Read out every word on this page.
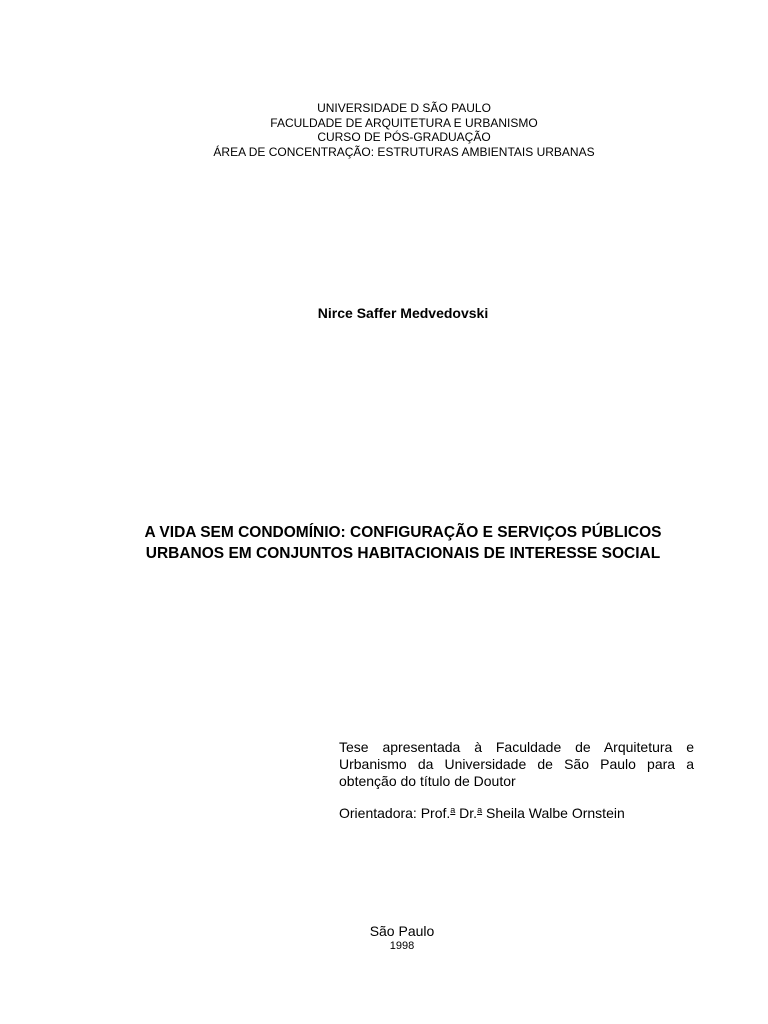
UNIVERSIDADE D SÃO PAULO
FACULDADE DE ARQUITETURA E URBANISMO
CURSO DE PÓS-GRADUAÇÃO
ÁREA DE CONCENTRAÇÃO: ESTRUTURAS AMBIENTAIS URBANAS
Nirce Saffer Medvedovski
A VIDA SEM CONDOMÍNIO: CONFIGURAÇÃO E SERVIÇOS PÚBLICOS
URBANOS EM CONJUNTOS HABITACIONAIS DE INTERESSE SOCIAL
Tese apresentada à Faculdade de Arquitetura e Urbanismo da Universidade de São Paulo para a obtenção do título de Doutor
Orientadora: Prof.$^a$ Dr.$^a$ Sheila Walbe Ornstein
São Paulo
1998
